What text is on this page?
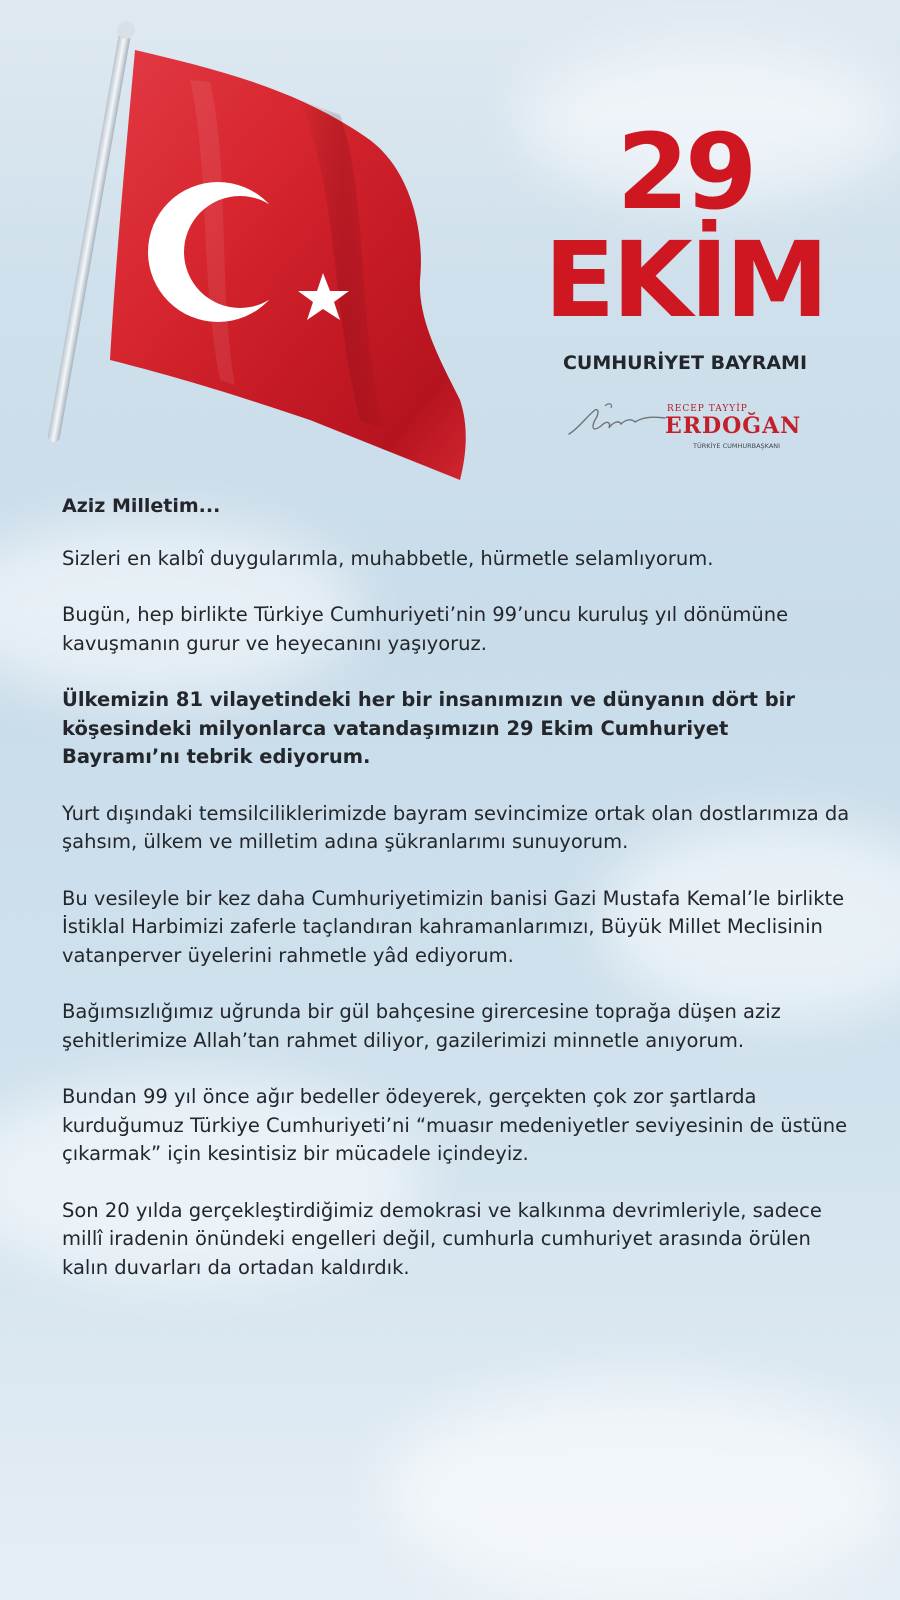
29
EKİM
CUMHURİYET BAYRAMI
RECEP TAYYİP
ERDOĞAN
TÜRKİYE CUMHURBAŞKANI
Aziz Milletim...
Sizleri en kalbî duygularımla, muhabbetle, hürmetle selamlıyorum.
Bugün, hep birlikte Türkiye Cumhuriyeti’nin 99’uncu kuruluş yıl dönümüne kavuşmanın gurur ve heyecanını yaşıyoruz.
Ülkemizin 81 vilayetindeki her bir insanımızın ve dünyanın dört bir köşesindeki milyonlarca vatandaşımızın 29 Ekim Cumhuriyet Bayramı’nı tebrik ediyorum.
Yurt dışındaki temsilciliklerimizde bayram sevincimize ortak olan dostlarımıza da şahsım, ülkem ve milletim adına şükranlarımı sunuyorum.
Bu vesileyle bir kez daha Cumhuriyetimizin banisi Gazi Mustafa Kemal’le birlikte İstiklal Harbimizi zaferle taçlandıran kahramanlarımızı, Büyük Millet Meclisinin vatanperver üyelerini rahmetle yâd ediyorum.
Bağımsızlığımız uğrunda bir gül bahçesine girercesine toprağa düşen aziz şehitlerimize Allah’tan rahmet diliyor, gazilerimizi minnetle anıyorum.
Bundan 99 yıl önce ağır bedeller ödeyerek, gerçekten çok zor şartlarda kurduğumuz Türkiye Cumhuriyeti’ni “muasır medeniyetler seviyesinin de üstüne çıkarmak” için kesintisiz bir mücadele içindeyiz.
Son 20 yılda gerçekleştirdiğimiz demokrasi ve kalkınma devrimleriyle, sadece millî iradenin önündeki engelleri değil, cumhurla cumhuriyet arasında örülen kalın duvarları da ortadan kaldırdık.
